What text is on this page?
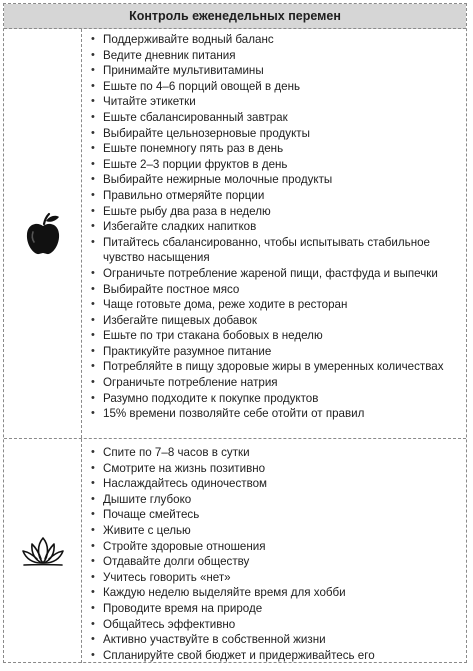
Контроль еженедельных перемен
• Поддерживайте водный баланс
• Ведите дневник питания
• Принимайте мультивитамины
• Ешьте по 4–6 порций овощей в день
• Читайте этикетки
• Ешьте сбалансированный завтрак
• Выбирайте цельнозерновые продукты
• Ешьте понемногу пять раз в день
• Ешьте 2–3 порции фруктов в день
• Выбирайте нежирные молочные продукты
• Правильно отмеряйте порции
• Ешьте рыбу два раза в неделю
• Избегайте сладких напитков
• Питайтесь сбалансированно, чтобы испытывать стабильное чувство насыщения
• Ограничьте потребление жареной пищи, фастфуда и выпечки
• Выбирайте постное мясо
• Чаще готовьте дома, реже ходите в ресторан
• Избегайте пищевых добавок
• Ешьте по три стакана бобовых в неделю
• Практикуйте разумное питание
• Потребляйте в пищу здоровые жиры в умеренных количествах
• Ограничьте потребление натрия
• Разумно подходите к покупке продуктов
• 15% времени позволяйте себе отойти от правил
• Спите по 7–8 часов в сутки
• Смотрите на жизнь позитивно
• Наслаждайтесь одиночеством
• Дышите глубоко
• Почаще смейтесь
• Живите с целью
• Стройте здоровые отношения
• Отдавайте долги обществу
• Учитесь говорить «нет»
• Каждую неделю выделяйте время для хобби
• Проводите время на природе
• Общайтесь эффективно
• Активно участвуйте в собственной жизни
• Спланируйте свой бюджет и придерживайтесь его
